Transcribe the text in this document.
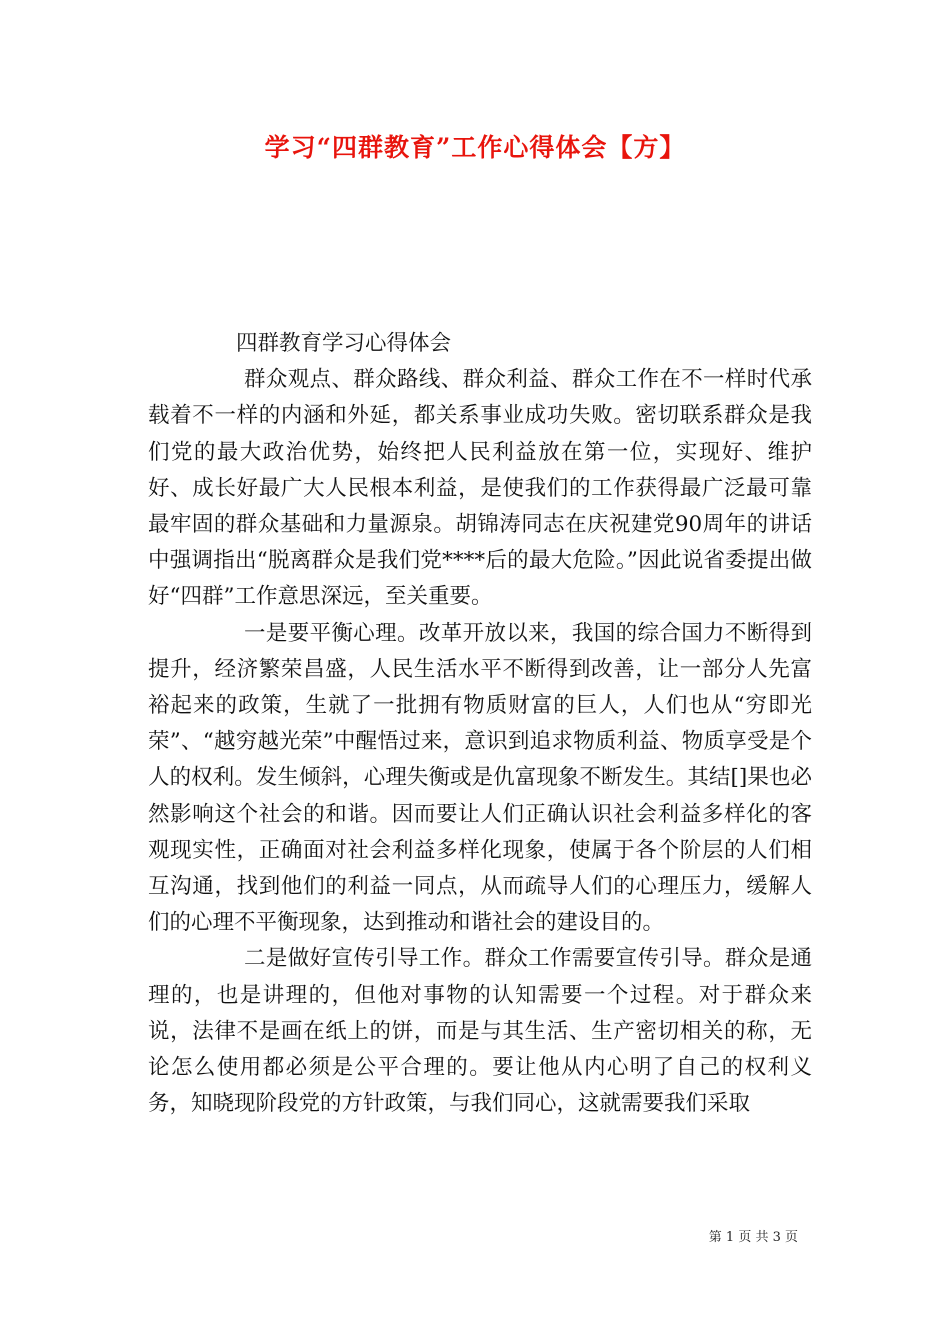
学习“四群教育”工作心得体会【方】

四群教育学习心得体会

群众观点、群众路线、群众利益、群众工作在不一样时代承载着不一样的内涵和外延，都关系事业成功失败。密切联系群众是我们党的最大政治优势，始终把人民利益放在第一位，实现好、维护好、成长好最广大人民根本利益，是使我们的工作获得最广泛最可靠最牢固的群众基础和力量源泉。胡锦涛同志在庆祝建党90周年的讲话中强调指出“脱离群众是我们党****后的最大危险。”因此说省委提出做好“四群”工作意思深远，至关重要。

一是要平衡心理。改革开放以来，我国的综合国力不断得到提升，经济繁荣昌盛，人民生活水平不断得到改善，让一部分人先富裕起来的政策，生就了一批拥有物质财富的巨人，人们也从“穷即光荣”、“越穷越光荣”中醒悟过来，意识到追求物质利益、物质享受是个人的权利。发生倾斜，心理失衡或是仇富现象不断发生。其结[]果也必然影响这个社会的和谐。因而要让人们正确认识社会利益多样化的客观现实性，正确面对社会利益多样化现象，使属于各个阶层的人们相互沟通，找到他们的利益一同点，从而疏导人们的心理压力，缓解人们的心理不平衡现象，达到推动和谐社会的建设目的。

二是做好宣传引导工作。群众工作需要宣传引导。群众是通理的，也是讲理的，但他对事物的认知需要一个过程。对于群众来说，法律不是画在纸上的饼，而是与其生活、生产密切相关的称，无论怎么使用都必须是公平合理的。要让他从内心明了自己的权利义务，知晓现阶段党的方针政策，与我们同心，这就需要我们采取

第 1 页 共 3 页
